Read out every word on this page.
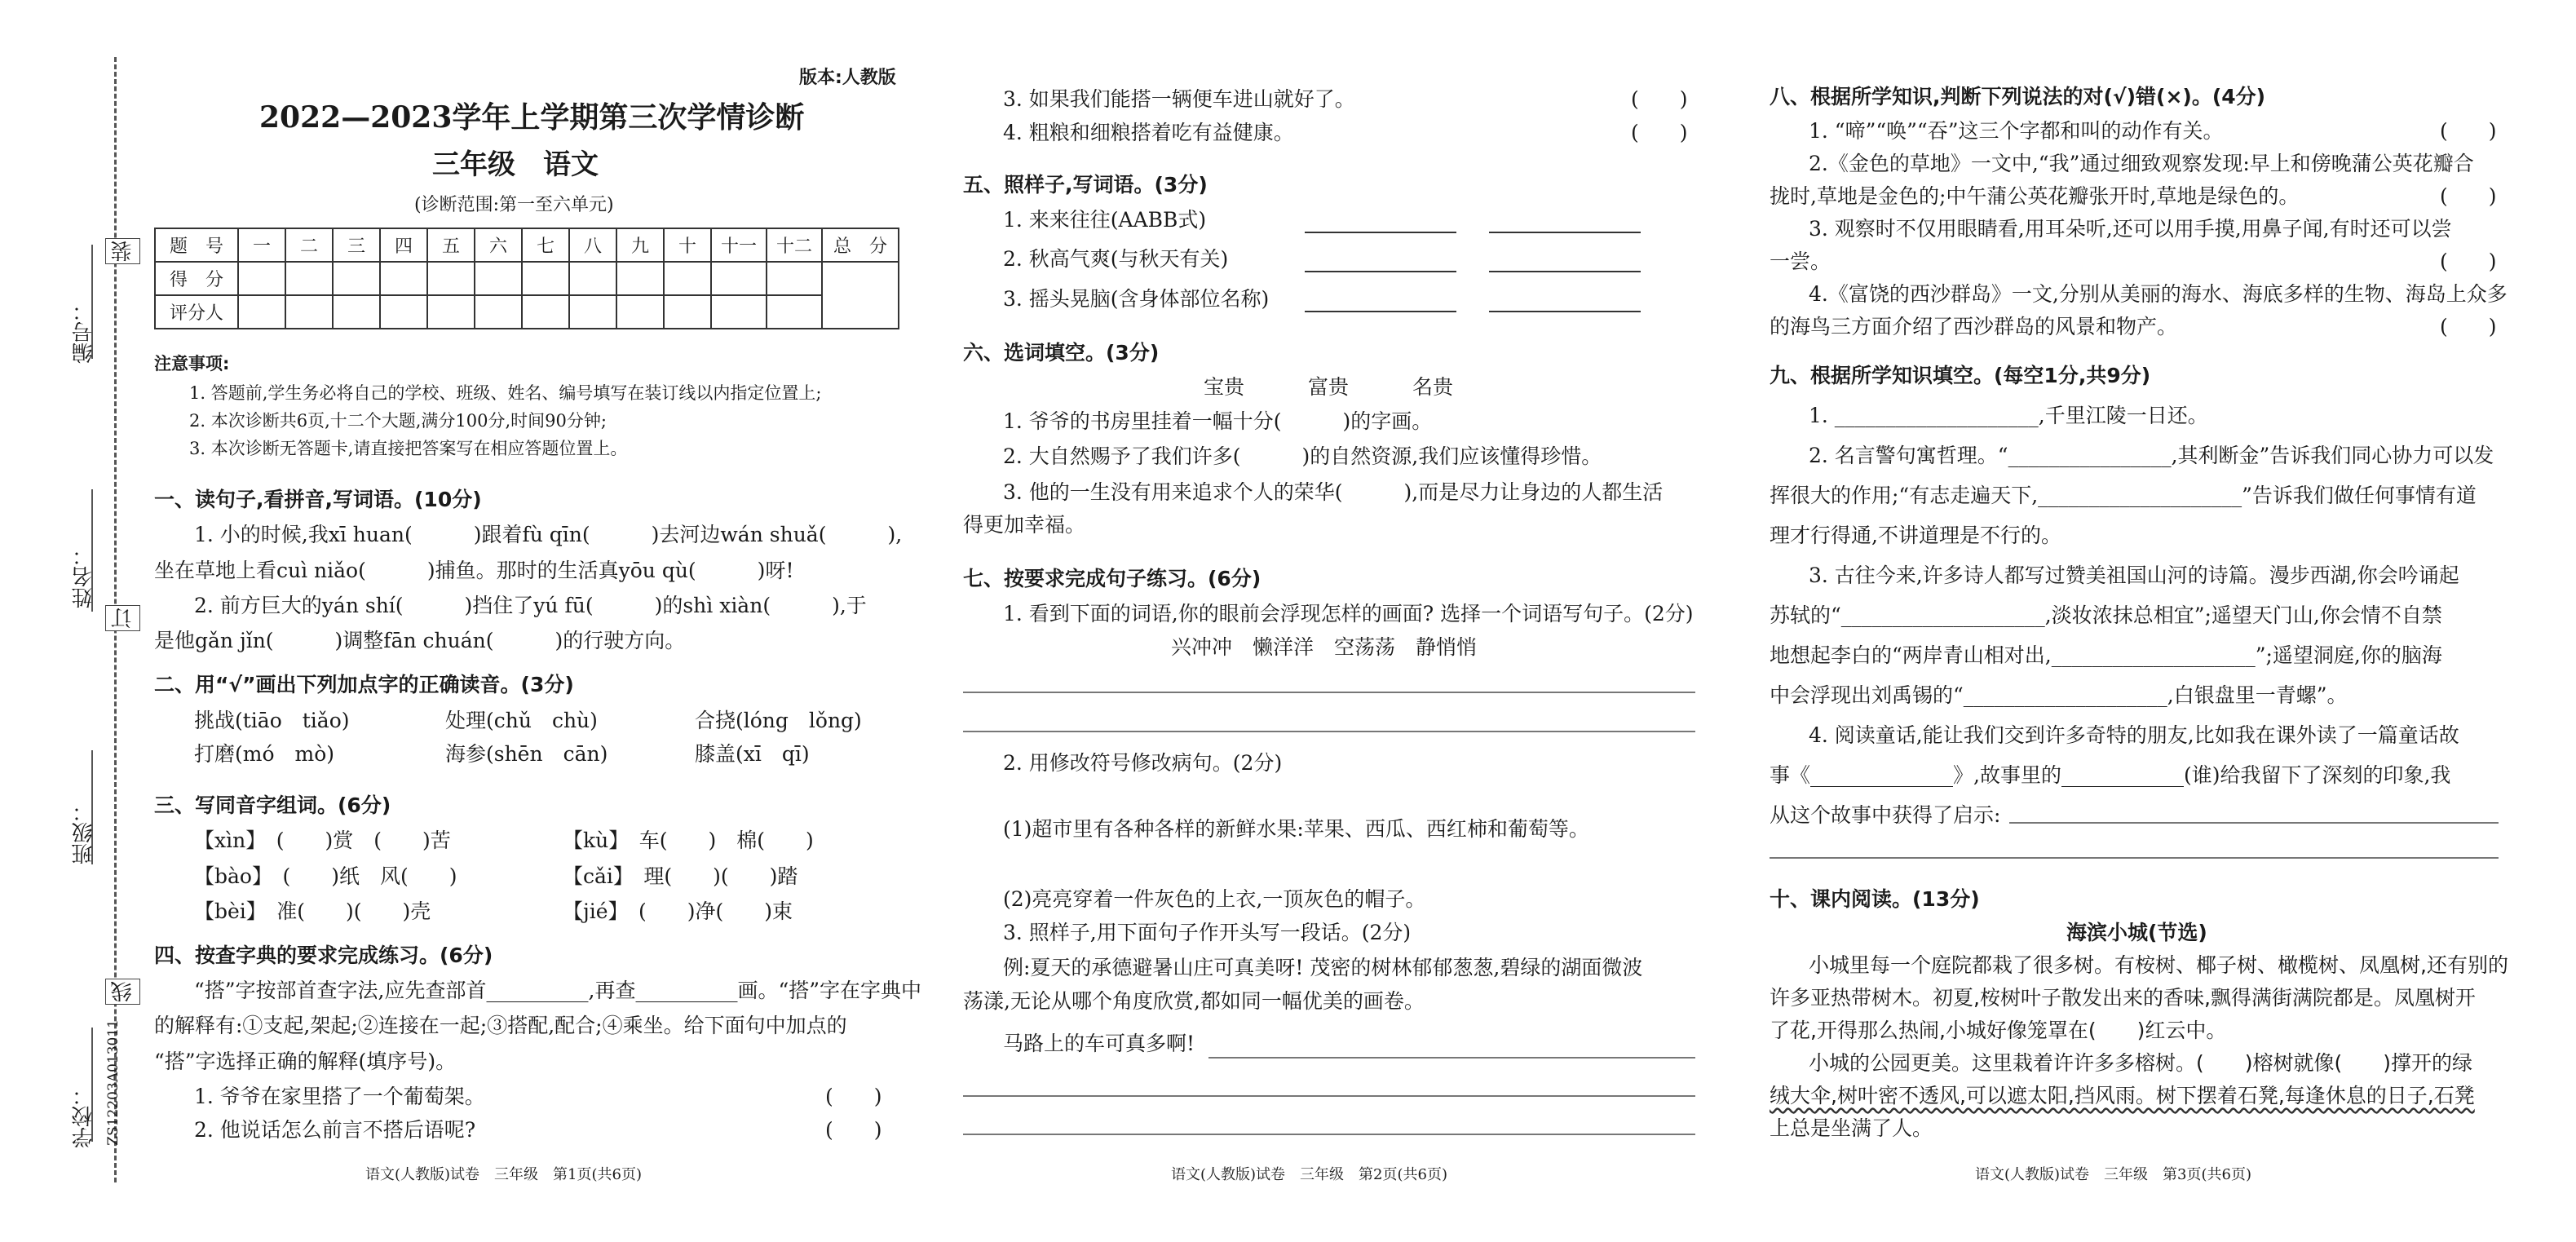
编号：
姓名：
班级：
学校：
装
订
线
ZS12203A013011
版本:人教版
2022—2023学年上学期第三次学情诊断
三年级　语文
(诊断范围:第一至六单元)
题　号	一	二	三	四	五	六	七	八	九	十	十一	十二	总　分
得　分													
评分人													
注意事项:
1. 答题前,学生务必将自己的学校、班级、姓名、编号填写在装订线以内指定位置上;
2. 本次诊断共6页,十二个大题,满分100分,时间90分钟;
3. 本次诊断无答题卡,请直接把答案写在相应答题位置上。
一、读句子,看拼音,写词语。(10分)
1. 小的时候,我xī huan(　　　)跟着fù qīn(　　　)去河边wán shuǎ(　　　),
坐在草地上看cuì niǎo(　　　)捕鱼。那时的生活真yōu qù(　　　)呀!
2. 前方巨大的yán shí(　　　)挡住了yú fū(　　　)的shì xiàn(　　　),于
是他gǎn jǐn(　　　)调整fān chuán(　　　)的行驶方向。
二、用“√”画出下列加点字的正确读音。(3分)
挑战(tiāo　tiǎo)	处理(chǔ　chù)	合挠(lóng　lǒng)
打磨(mó　mò)	海参(shēn　cān)	膝盖(xī　qī)
三、写同音字组词。(6分)
【xìn】　(　　)赏　(　　)苦	【kù】　车(　　)　棉(　　)
【bào】　(　　)纸　风(　　)	【cǎi】　理(　　)(　　)踏
【bèi】　准(　　)(　　)壳	【jié】　(　　)净(　　)束
四、按查字典的要求完成练习。(6分)
“搭”字按部首查字法,应先查部首__________,再查__________画。“搭”字在字典中
的解释有:①支起,架起;②连接在一起;③搭配,配合;④乘坐。给下面句中加点的
“搭”字选择正确的解释(填序号)。
1. 爷爷在家里搭了一个葡萄架。	(　　)
2. 他说话怎么前言不搭后语呢?	(　　)
语文(人教版)试卷　三年级　第1页(共6页)
3. 如果我们能搭一辆便车进山就好了。	(　　)
4. 粗粮和细粮搭着吃有益健康。	(　　)
五、照样子,写词语。(3分)
1. 来来往往(AABB式)
2. 秋高气爽(与秋天有关)
3. 摇头晃脑(含身体部位名称)
六、选词填空。(3分)
宝贵	富贵	名贵
1. 爷爷的书房里挂着一幅十分(　　　)的字画。
2. 大自然赐予了我们许多(　　　)的自然资源,我们应该懂得珍惜。
3. 他的一生没有用来追求个人的荣华(　　　),而是尽力让身边的人都生活
得更加幸福。
七、按要求完成句子练习。(6分)
1. 看到下面的词语,你的眼前会浮现怎样的画面? 选择一个词语写句子。(2分)
兴冲冲　懒洋洋　空荡荡　静悄悄
2. 用修改符号修改病句。(2分)
(1)超市里有各种各样的新鲜水果:苹果、西瓜、西红柿和葡萄等。
(2)亮亮穿着一件灰色的上衣,一顶灰色的帽子。
3. 照样子,用下面句子作开头写一段话。(2分)
例:夏天的承德避暑山庄可真美呀! 茂密的树林郁郁葱葱,碧绿的湖面微波
荡漾,无论从哪个角度欣赏,都如同一幅优美的画卷。
马路上的车可真多啊!
语文(人教版)试卷　三年级　第2页(共6页)
八、根据所学知识,判断下列说法的对(√)错(×)。(4分)
1. “啼”“唤”“吞”这三个字都和叫的动作有关。	(　　)
2.《金色的草地》一文中,“我”通过细致观察发现:早上和傍晚蒲公英花瓣合
拢时,草地是金色的;中午蒲公英花瓣张开时,草地是绿色的。	(　　)
3. 观察时不仅用眼睛看,用耳朵听,还可以用手摸,用鼻子闻,有时还可以尝
一尝。	(　　)
4.《富饶的西沙群岛》一文,分别从美丽的海水、海底多样的生物、海岛上众多
的海鸟三方面介绍了西沙群岛的风景和物产。	(　　)
九、根据所学知识填空。(每空1分,共9分)
1. ____________________,千里江陵一日还。
2. 名言警句寓哲理。“________________,其利断金”告诉我们同心协力可以发
挥很大的作用;“有志走遍天下,____________________”告诉我们做任何事情有道
理才行得通,不讲道理是不行的。
3. 古往今来,许多诗人都写过赞美祖国山河的诗篇。漫步西湖,你会吟诵起
苏轼的“____________________,淡妆浓抹总相宜”;遥望天门山,你会情不自禁
地想起李白的“两岸青山相对出,____________________”;遥望洞庭,你的脑海
中会浮现出刘禹锡的“____________________,白银盘里一青螺”。
4. 阅读童话,能让我们交到许多奇特的朋友,比如我在课外读了一篇童话故
事《______________》,故事里的____________(谁)给我留下了深刻的印象,我
从这个故事中获得了启示:
十、课内阅读。(13分)
海滨小城(节选)
小城里每一个庭院都栽了很多树。有桉树、椰子树、橄榄树、凤凰树,还有别的
许多亚热带树木。初夏,桉树叶子散发出来的香味,飘得满街满院都是。凤凰树开
了花,开得那么热闹,小城好像笼罩在(　　)红云中。
小城的公园更美。这里栽着许许多多榕树。(　　)榕树就像(　　)撑开的绿
绒大伞,树叶密不透风,可以遮太阳,挡风雨。树下摆着石凳,每逢休息的日子,石凳
上总是坐满了人。
语文(人教版)试卷　三年级　第3页(共6页)
